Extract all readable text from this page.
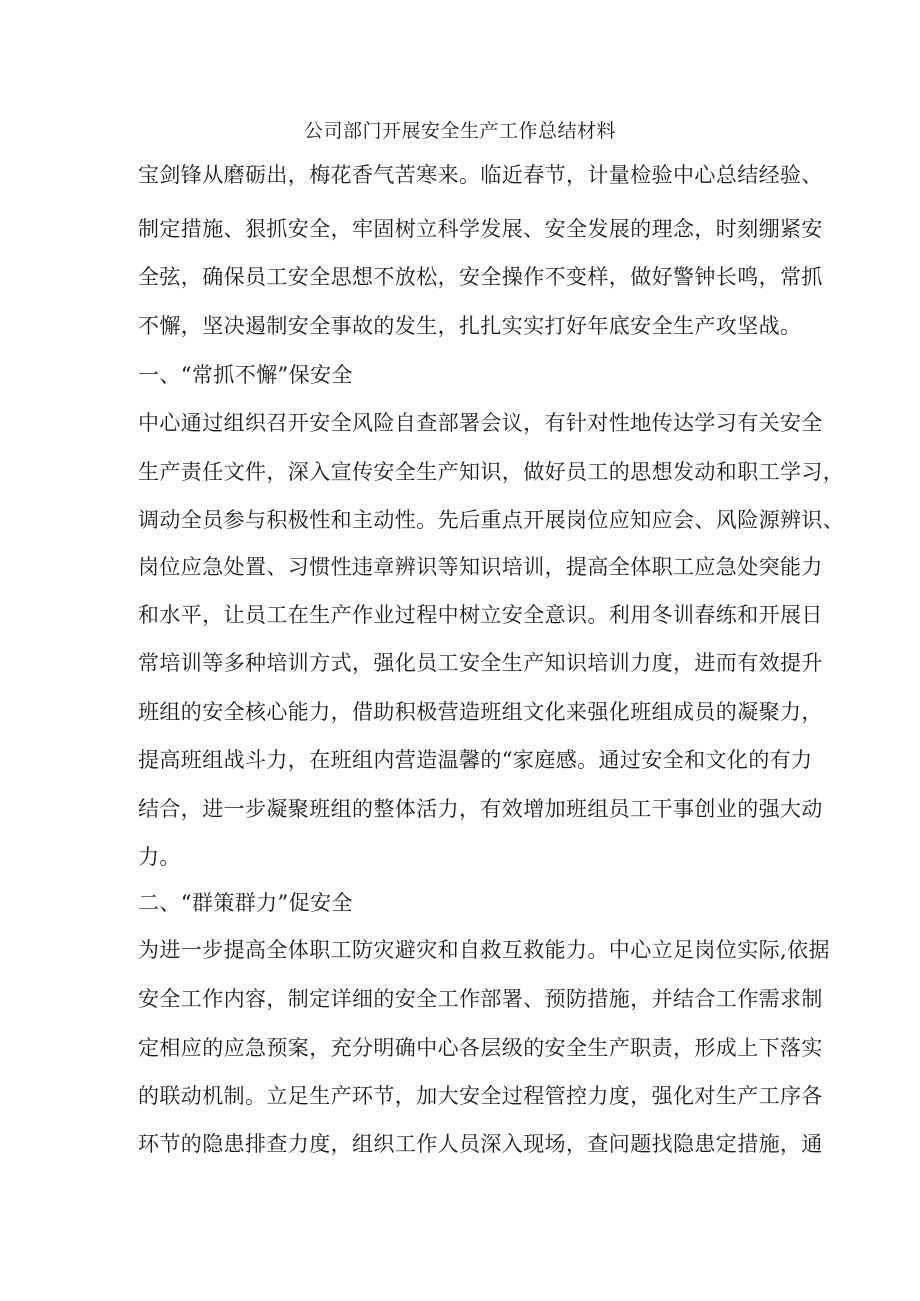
公司部门开展安全生产工作总结材料
宝剑锋从磨砺出，梅花香气苦寒来。临近春节，计量检验中心总结经验、
制定措施、狠抓安全，牢固树立科学发展、安全发展的理念，时刻绷紧安
全弦，确保员工安全思想不放松，安全操作不变样，做好警钟长鸣，常抓
不懈，坚决遏制安全事故的发生，扎扎实实打好年底安全生产攻坚战。
一、“常抓不懈”保安全
中心通过组织召开安全风险自查部署会议，有针对性地传达学习有关安全
生产责任文件，深入宣传安全生产知识，做好员工的思想发动和职工学习，
调动全员参与积极性和主动性。先后重点开展岗位应知应会、风险源辨识、
岗位应急处置、习惯性违章辨识等知识培训，提高全体职工应急处突能力
和水平，让员工在生产作业过程中树立安全意识。利用冬训春练和开展日
常培训等多种培训方式，强化员工安全生产知识培训力度，进而有效提升
班组的安全核心能力，借助积极营造班组文化来强化班组成员的凝聚力，
提高班组战斗力，在班组内营造温馨的“家庭感。通过安全和文化的有力
结合，进一步凝聚班组的整体活力，有效增加班组员工干事创业的强大动
力。
二、“群策群力”促安全
为进一步提高全体职工防灾避灾和自救互救能力。中心立足岗位实际,依据
安全工作内容，制定详细的安全工作部署、预防措施，并结合工作需求制
定相应的应急预案，充分明确中心各层级的安全生产职责，形成上下落实
的联动机制。立足生产环节，加大安全过程管控力度，强化对生产工序各
环节的隐患排查力度，组织工作人员深入现场，查问题找隐患定措施，通
